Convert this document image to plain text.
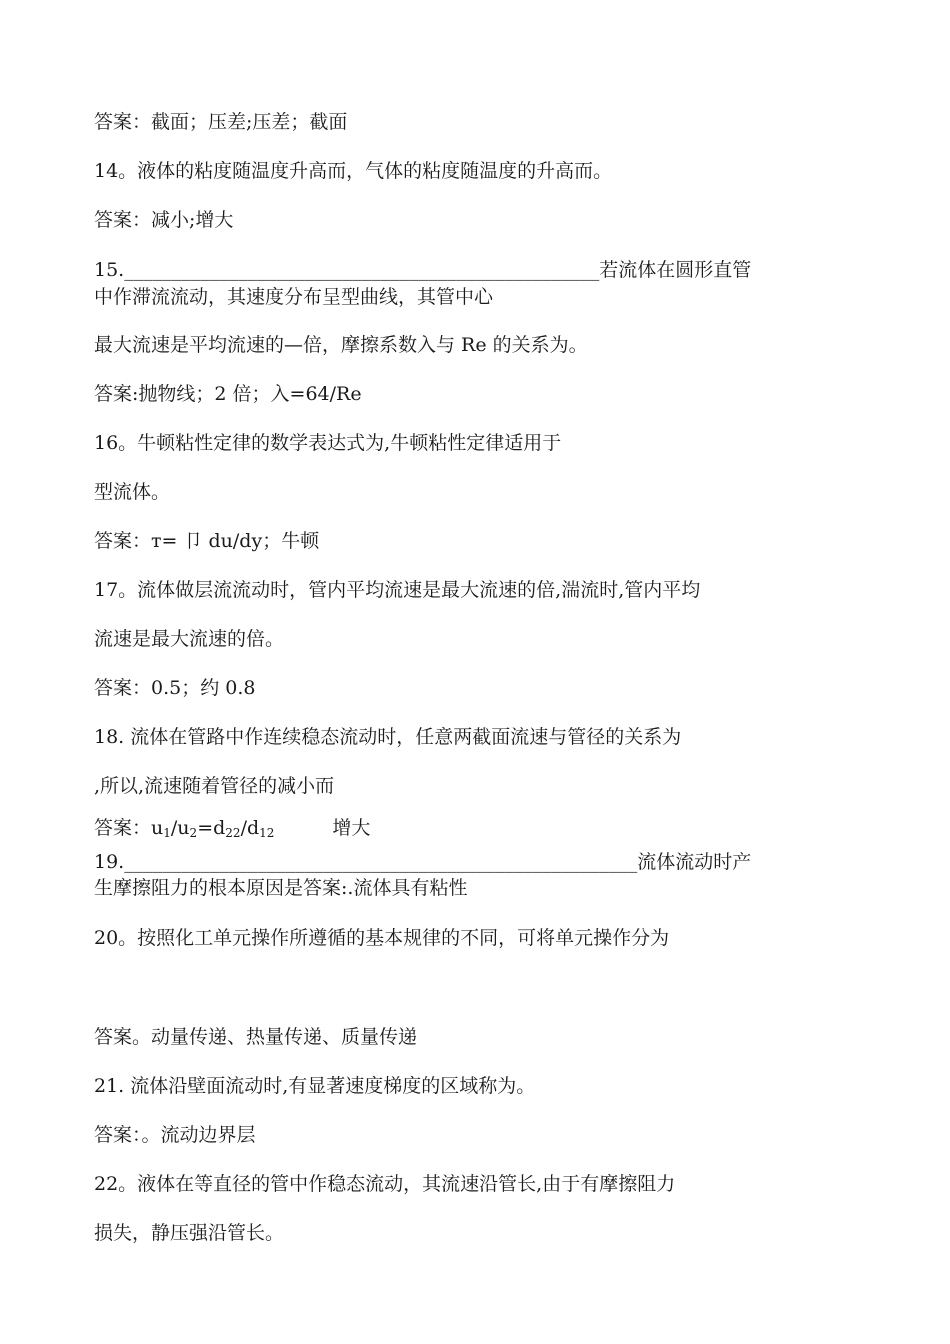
答案：截面；压差;压差；截面
14。液体的粘度随温度升高而，气体的粘度随温度的升高而。
答案：减小;增大
15.__________________________________________________若流体在圆形直管
中作滞流流动，其速度分布呈型曲线，其管中心
最大流速是平均流速的—倍，摩擦系数入与 Re 的关系为。
答案:抛物线；2 倍；入=64/Re
16。牛顿粘性定律的数学表达式为,牛顿粘性定律适用于
型流体。
答案：т= 卩 du/dy；牛顿
17。流体做层流流动时，管内平均流速是最大流速的倍,湍流时,管内平均
流速是最大流速的倍。
答案：0.5；约 0.8
18. 流体在管路中作连续稳态流动时，任意两截面流速与管径的关系为
,所以,流速随着管径的减小而
答案：$u_1/u_2=d_{22}/d_{12}$	增大
19.______________________________________________________流体流动时产
生摩擦阻力的根本原因是答案:.流体具有粘性
20。按照化工单元操作所遵循的基本规律的不同，可将单元操作分为
答案。动量传递、热量传递、质量传递
21. 流体沿壁面流动时,有显著速度梯度的区域称为。
答案：。流动边界层
22。液体在等直径的管中作稳态流动，其流速沿管长,由于有摩擦阻力
损失，静压强沿管长。
